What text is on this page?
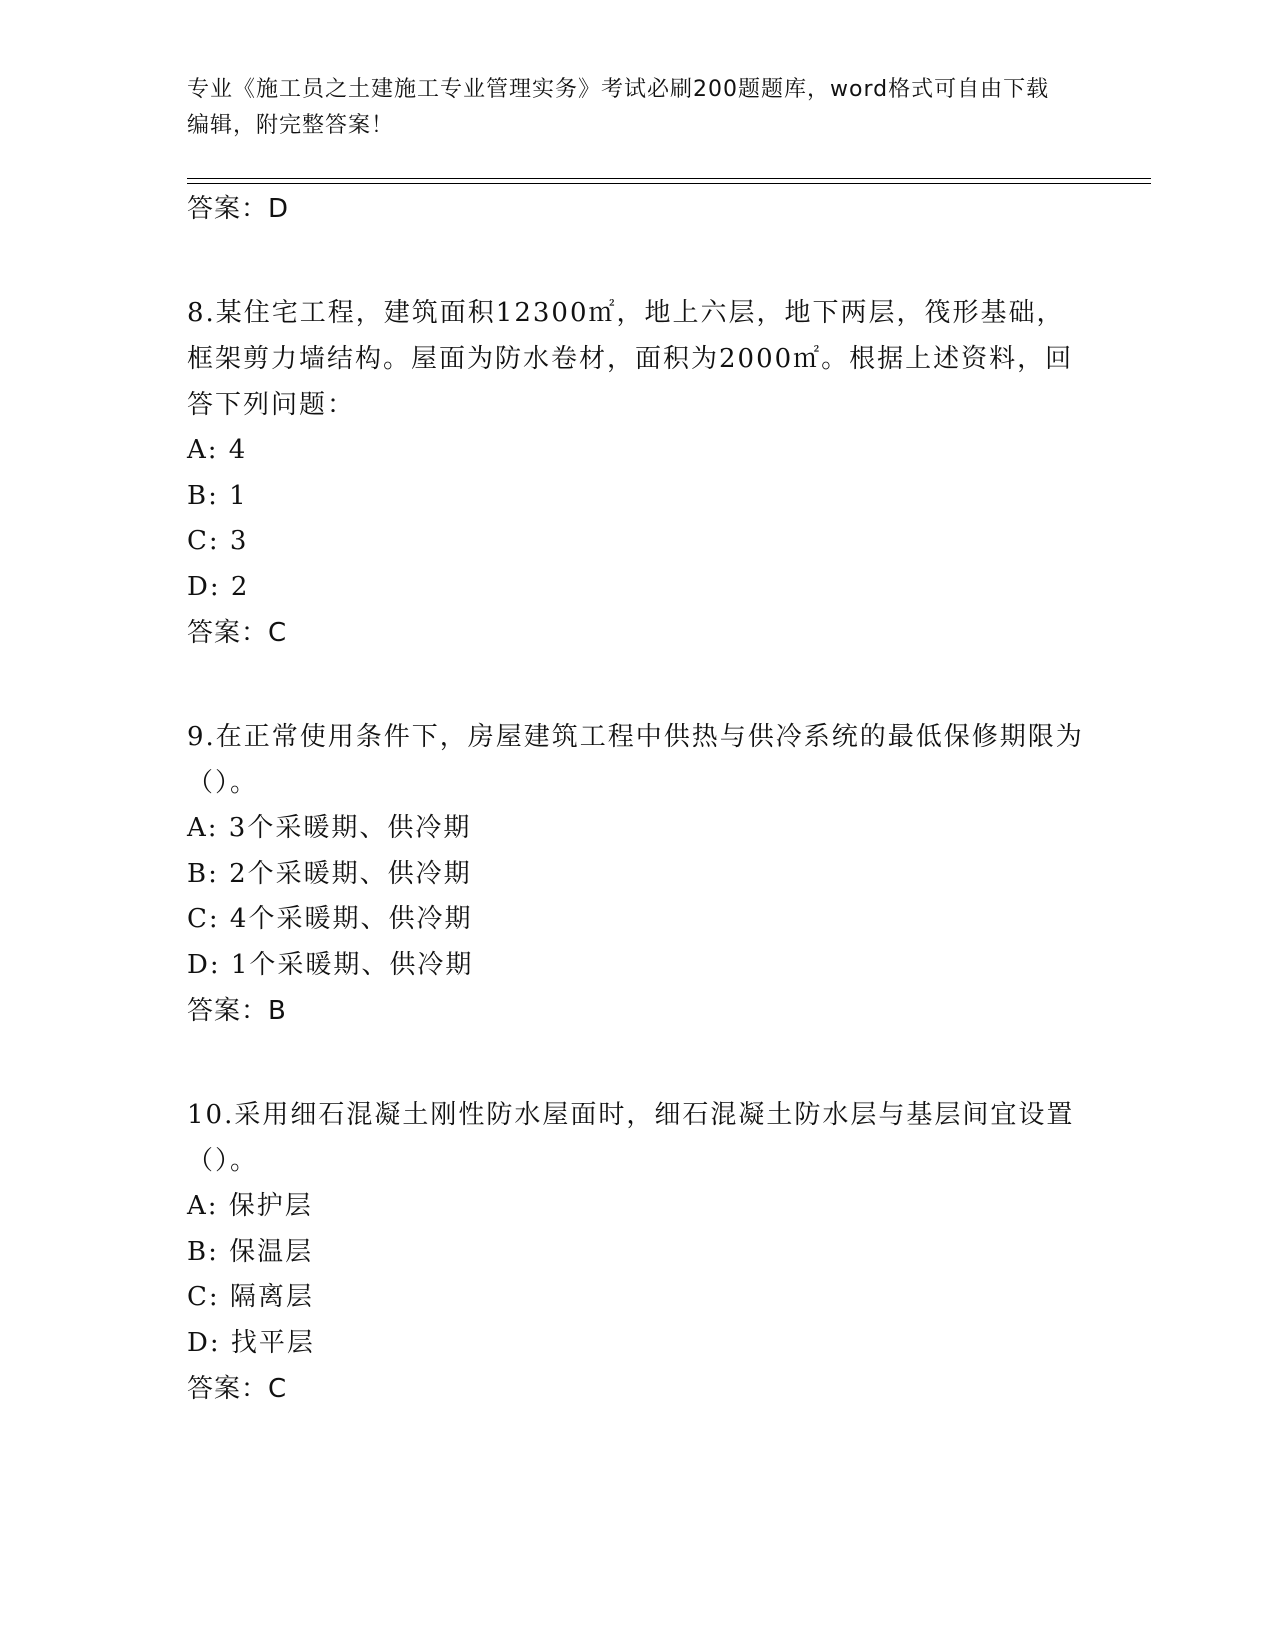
专业《施工员之土建施工专业管理实务》考试必刷200题题库，word格式可自由下载编辑，附完整答案！
答案：D
8.某住宅工程，建筑面积12300㎡，地上六层，地下两层，筏形基础，框架剪力墙结构。屋面为防水卷材，面积为2000㎡。根据上述资料，回答下列问题：
A: 4
B: 1
C: 3
D: 2
答案：C
9.在正常使用条件下，房屋建筑工程中供热与供冷系统的最低保修期限为（）。
A: 3个采暖期、供冷期
B: 2个采暖期、供冷期
C: 4个采暖期、供冷期
D: 1个采暖期、供冷期
答案：B
10.采用细石混凝土刚性防水屋面时，细石混凝土防水层与基层间宜设置（）。
A: 保护层
B: 保温层
C: 隔离层
D: 找平层
答案：C
